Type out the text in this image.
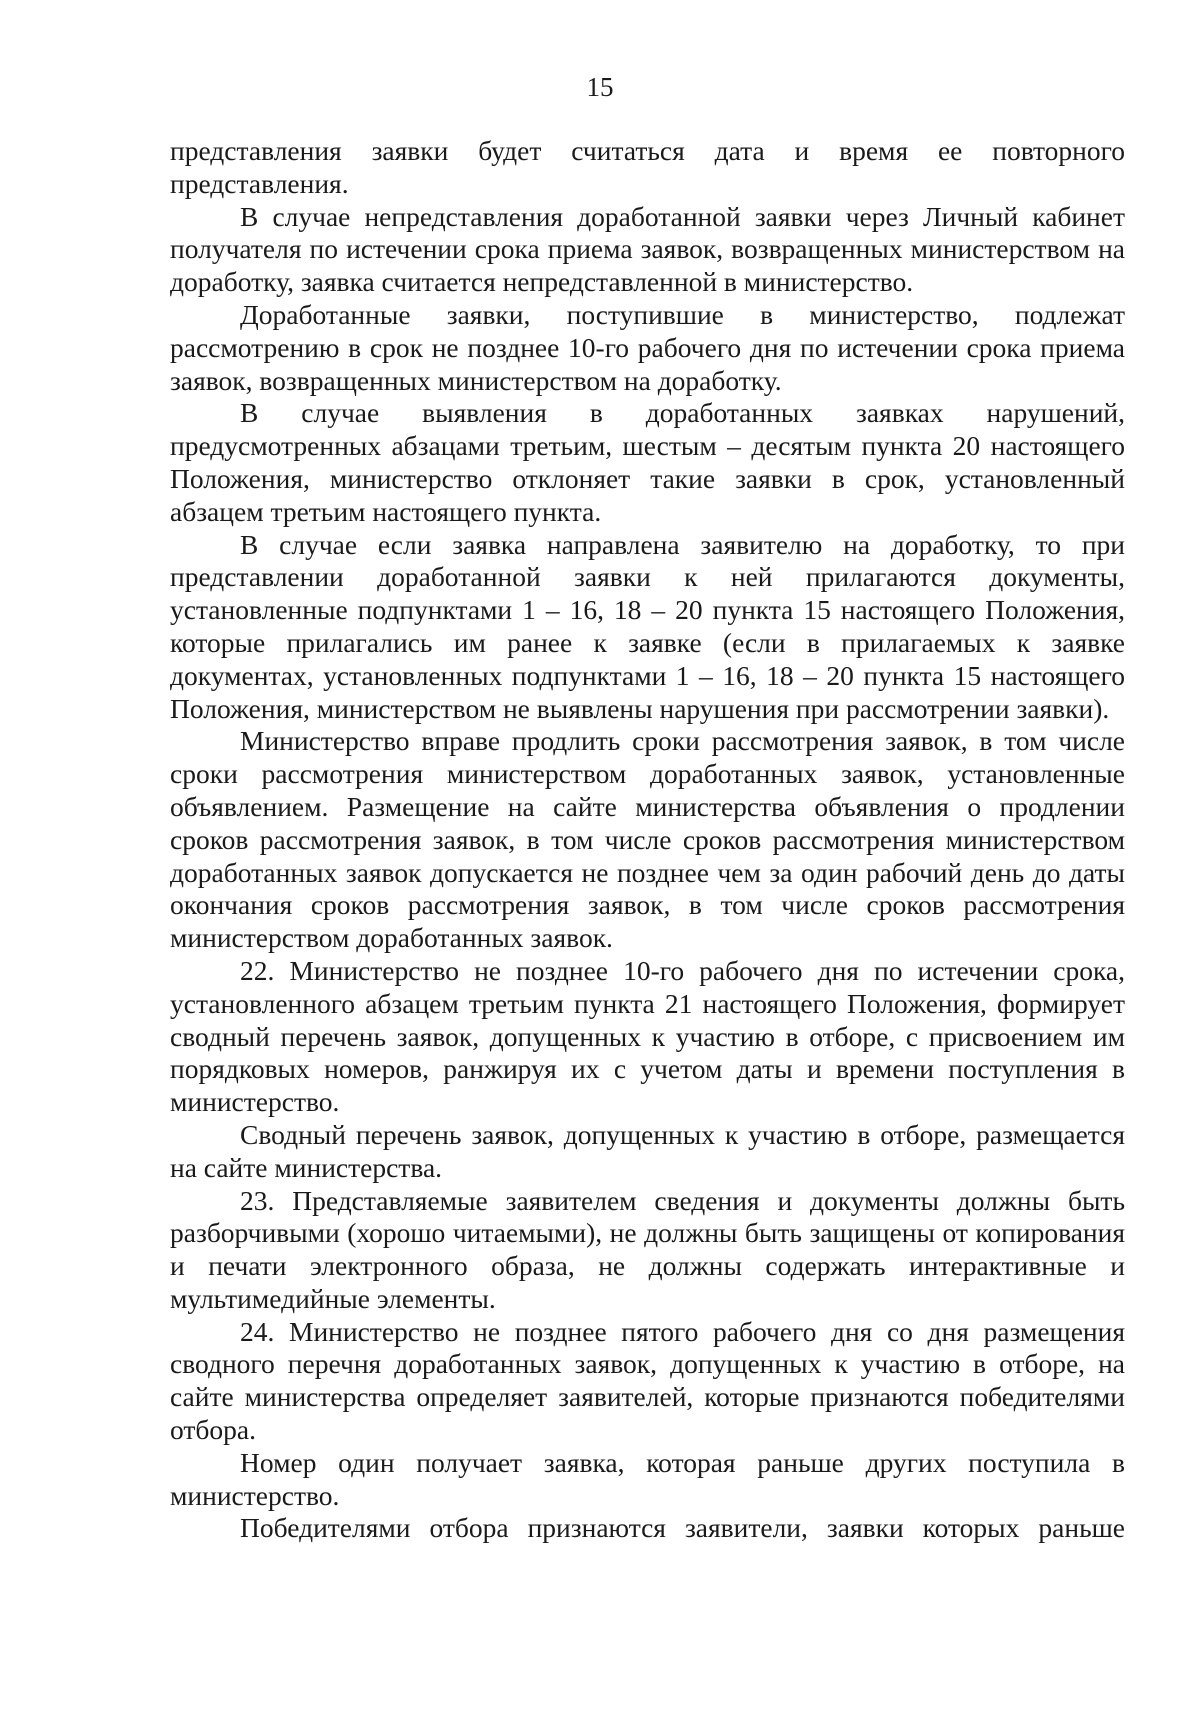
15

представления заявки будет считаться дата и время ее повторного представления.

В случае непредставления доработанной заявки через Личный кабинет получателя по истечении срока приема заявок, возвращенных министерством на доработку, заявка считается непредставленной в министерство.

Доработанные заявки, поступившие в министерство, подлежат рассмотрению в срок не позднее 10-го рабочего дня по истечении срока приема заявок, возвращенных министерством на доработку.

В случае выявления в доработанных заявках нарушений, предусмотренных абзацами третьим, шестым – десятым пункта 20 настоящего Положения, министерство отклоняет такие заявки в срок, установленный абзацем третьим настоящего пункта.

В случае если заявка направлена заявителю на доработку, то при представлении доработанной заявки к ней прилагаются документы, установленные подпунктами 1 – 16, 18 – 20 пункта 15 настоящего Положения, которые прилагались им ранее к заявке (если в прилагаемых к заявке документах, установленных подпунктами 1 – 16, 18 – 20 пункта 15 настоящего Положения, министерством не выявлены нарушения при рассмотрении заявки).

Министерство вправе продлить сроки рассмотрения заявок, в том числе сроки рассмотрения министерством доработанных заявок, установленные объявлением. Размещение на сайте министерства объявления о продлении сроков рассмотрения заявок, в том числе сроков рассмотрения министерством доработанных заявок допускается не позднее чем за один рабочий день до даты окончания сроков рассмотрения заявок, в том числе сроков рассмотрения министерством доработанных заявок.

22. Министерство не позднее 10-го рабочего дня по истечении срока, установленного абзацем третьим пункта 21 настоящего Положения, формирует сводный перечень заявок, допущенных к участию в отборе, с присвоением им порядковых номеров, ранжируя их с учетом даты и времени поступления в министерство.

Сводный перечень заявок, допущенных к участию в отборе, размещается на сайте министерства.

23. Представляемые заявителем сведения и документы должны быть разборчивыми (хорошо читаемыми), не должны быть защищены от копирования и печати электронного образа, не должны содержать интерактивные и мультимедийные элементы.

24. Министерство не позднее пятого рабочего дня со дня размещения сводного перечня доработанных заявок, допущенных к участию в отборе, на сайте министерства определяет заявителей, которые признаются победителями отбора.

Номер один получает заявка, которая раньше других поступила в министерство.

Победителями отбора признаются заявители, заявки которых раньше
